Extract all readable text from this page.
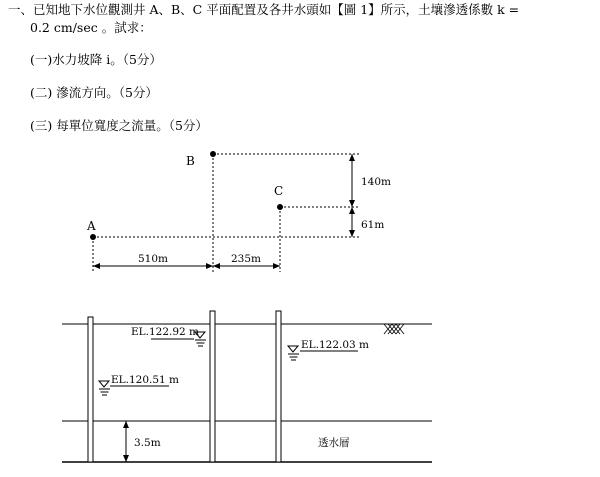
一、已知地下水位觀測井 A、B、C 平面配置及各井水頭如【圖 1】所示，土壤滲透係數 k =
0.2 cm/sec 。試求：
(一)水力坡降 i。（5分）
(二) 滲流方向。（5分）
(三) 每單位寬度之流量。（5分）
B
C
A
510m	235m
140m
61m
EL.122.92 m
EL.122.03 m
EL.120.51 m
3.5m	透水層
